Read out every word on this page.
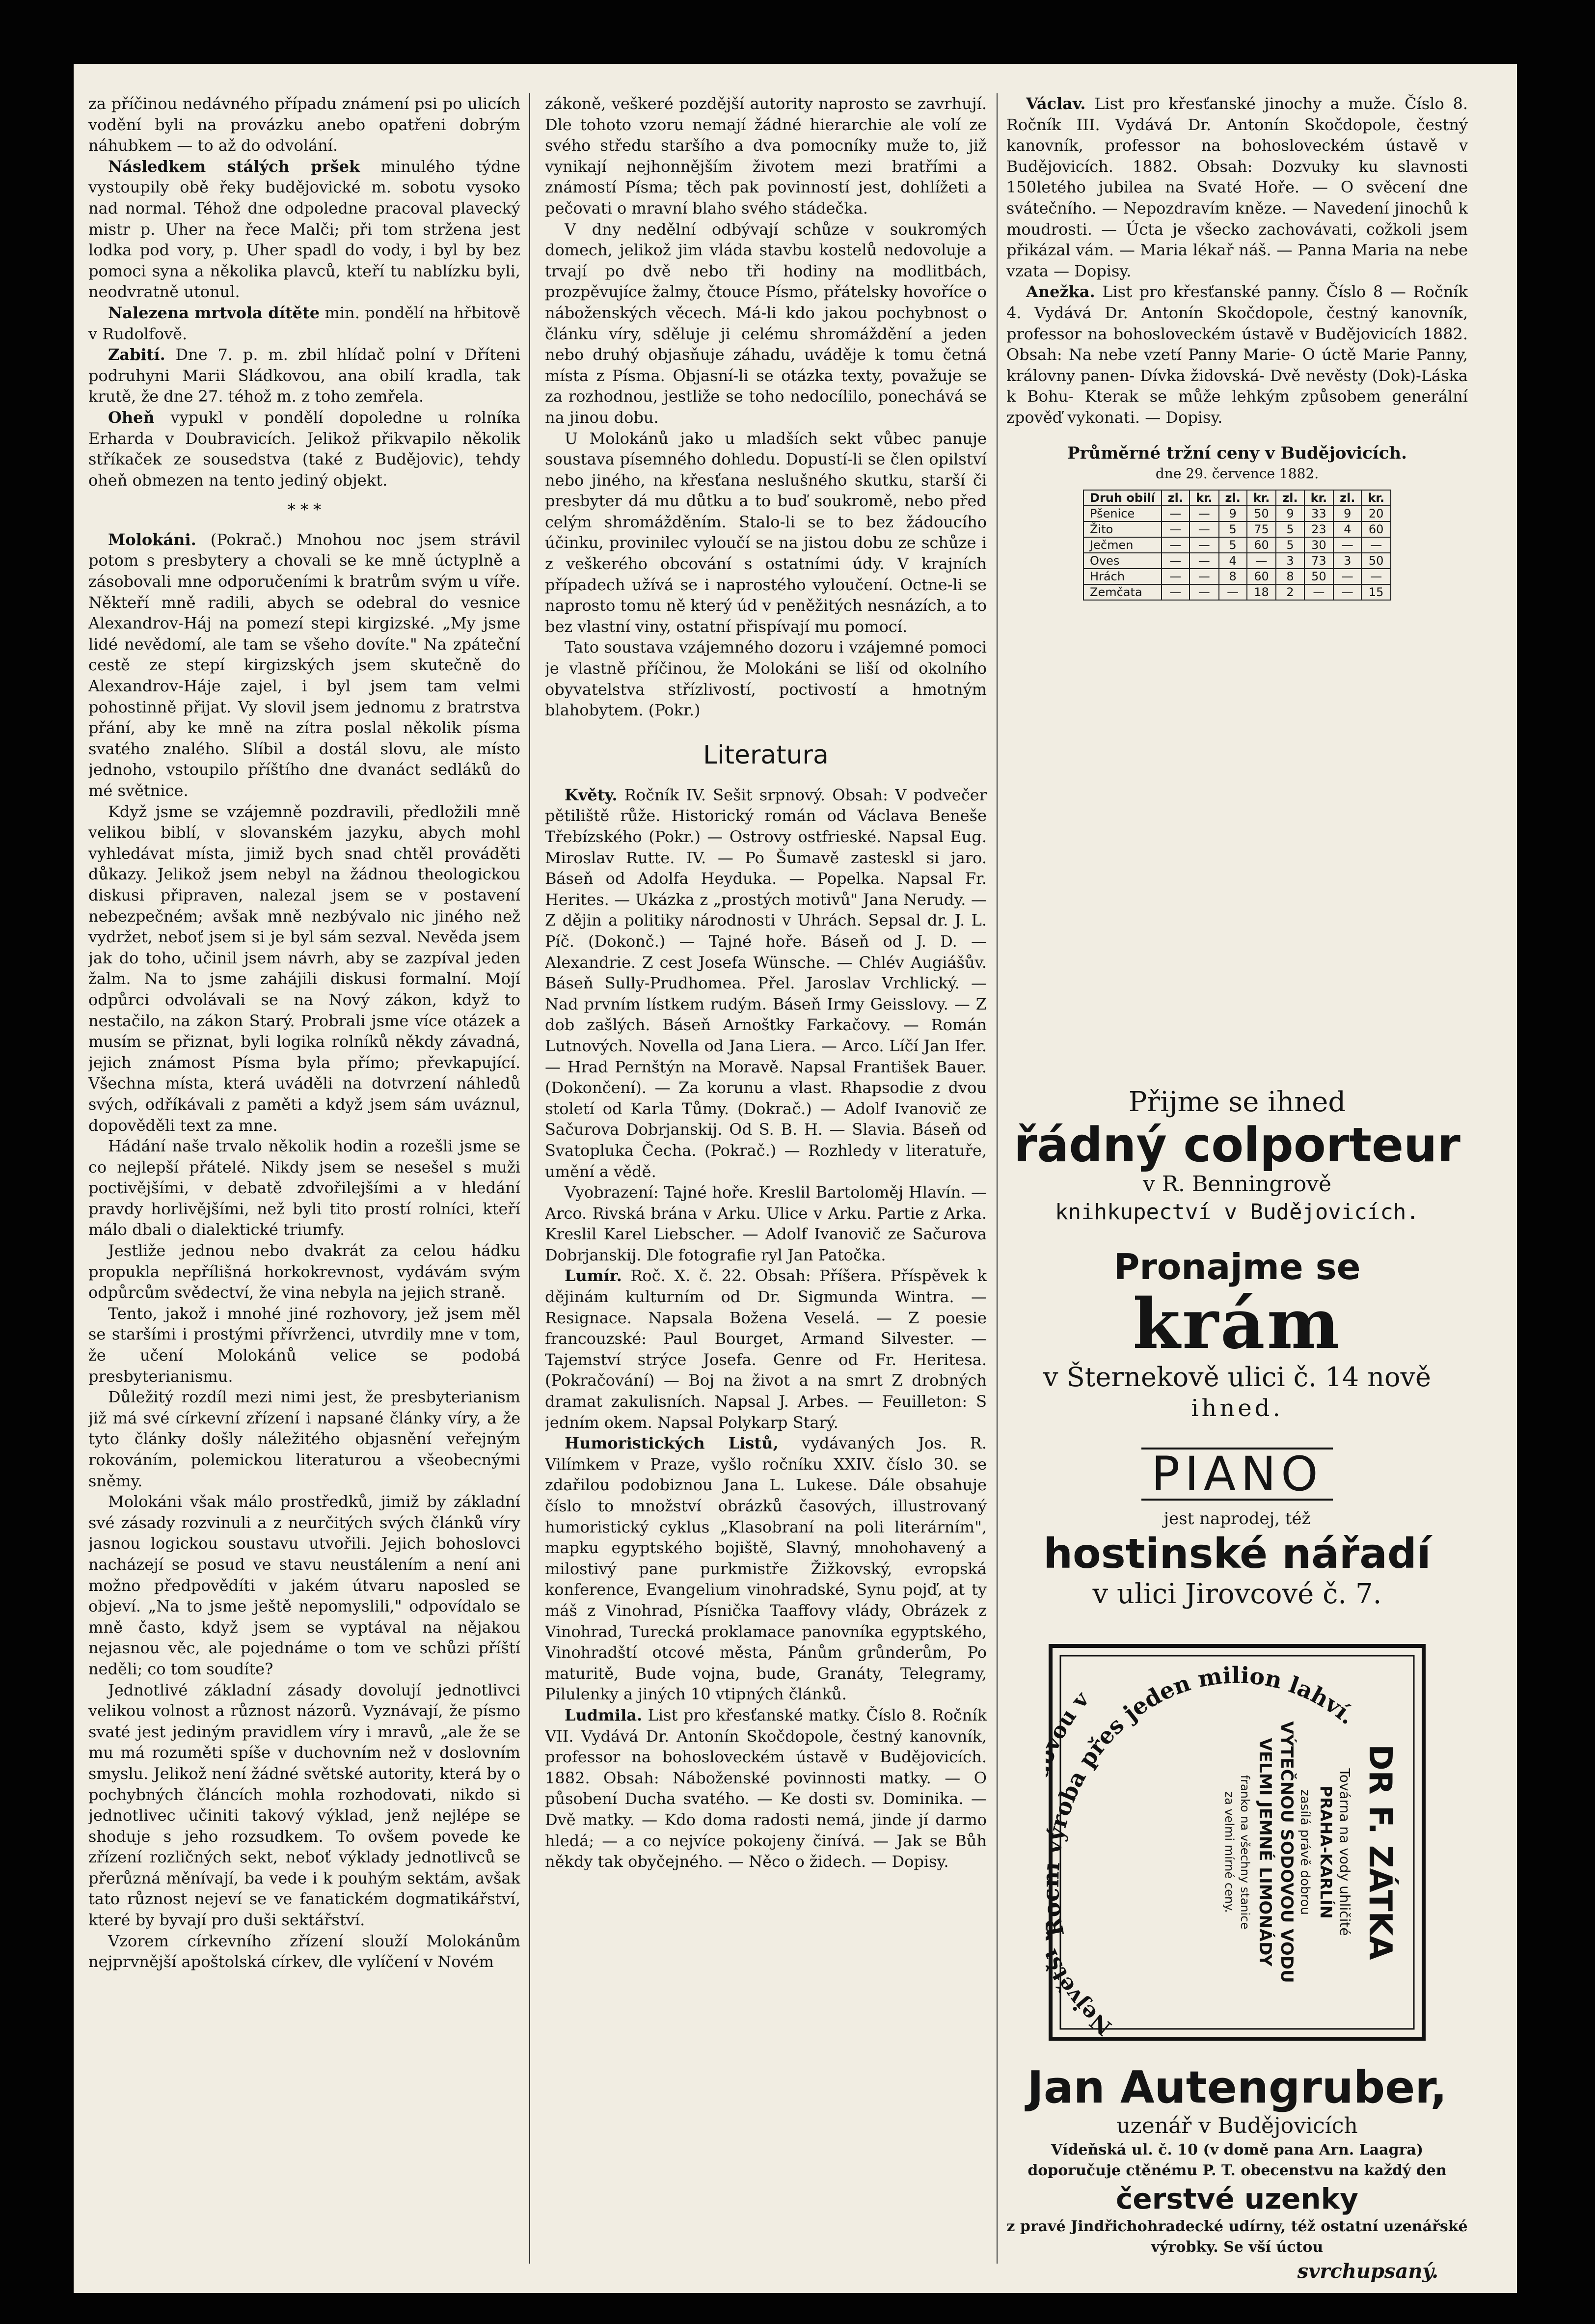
za příčinou nedávného případu známení psi po ulicích vodění byli na provázku anebo opatřeni dobrým náhubkem — to až do odvolání.

Následkem stálých pršek minulého týdne vystoupily obě řeky budějovické m. sobotu vysoko nad normal. Téhož dne odpoledne pracoval plavecký mistr p. Uher na řece Malči; při tom stržena jest lodka pod vory, p. Uher spadl do vody, i byl by bez pomoci syna a několika plavců, kteří tu nablízku byli, neodvratně utonul.

Nalezena mrtvola dítěte min. pondělí na hřbitově v Rudolfově.

Zabití. Dne 7. p. m. zbil hlídač polní v Dříteni podruhyni Marii Sládkovou, ana obilí kradla, tak krutě, že dne 27. téhož m. z toho zemřela.

Oheň vypukl v pondělí dopoledne u rolníka Erharda v Doubravicích. Jelikož přikvapilo několik stříkaček ze sousedstva (také z Budějovic), tehdy oheň obmezen na tento jediný objekt.

* * *

Molokáni. (Pokrač.) Mnohou noc jsem strávil potom s presbytery a chovali se ke mně úctyplně a zásobovali mne odporučeními k bratrům svým u víře. Někteří mně radili, abych se odebral do vesnice Alexandrov-Háj na pomezí stepi kirgizské. „My jsme lidé nevědomí, ale tam se všeho dovíte." Na zpáteční cestě ze stepí kirgizských jsem skutečně do Alexandrov-Háje zajel, i byl jsem tam velmi pohostinně přijat. Vy slovil jsem jednomu z bratrstva přání, aby ke mně na zítra poslal několik písma svatého znalého. Slíbil a dostál slovu, ale místo jednoho, vstoupilo příštího dne dvanáct sedláků do mé světnice.

Když jsme se vzájemně pozdravili, předložili mně velikou biblí, v slovanském jazyku, abych mohl vyhledávat místa, jimiž bych snad chtěl prováděti důkazy. Jelikož jsem nebyl na žádnou theologickou diskusi připraven, nalezal jsem se v postavení nebezpečném; avšak mně nezbývalo nic jiného než vydržet, neboť jsem si je byl sám sezval. Nevěda jsem jak do toho, učinil jsem návrh, aby se zazpíval jeden žalm. Na to jsme zahájili diskusi formalní. Mojí odpůrci odvolávali se na Nový zákon, když to nestačilo, na zákon Starý. Probrali jsme více otázek a musím se přiznat, byli logika rolníků někdy závadná, jejich známost Písma byla přímo; převkapující. Všechna místa, která uváděli na dotvrzení náhledů svých, odříkávali z paměti a když jsem sám uváznul, dopověděli text za mne.

Hádání naše trvalo několik hodin a rozešli jsme se co nejlepší přátelé. Nikdy jsem se nesešel s muži poctivějšími, v debatě zdvořilejšími a v hledání pravdy horlivějšími, než byli tito prostí rolníci, kteří málo dbali o dialektické triumfy.

Jestliže jednou nebo dvakrát za celou hádku propukla nepřílišná horkokrevnost, vydávám svým odpůrcům svědectví, že vina nebyla na jejich straně.

Tento, jakož i mnohé jiné rozhovory, jež jsem měl se staršími i prostými přívrženci, utvrdily mne v tom, že učení Molokánů velice se podobá presbyterianismu.

Důležitý rozdíl mezi nimi jest, že presbyterianism již má své církevní zřízení i napsané články víry, a že tyto články došly náležitého objasnění veřejným rokováním, polemickou literaturou a všeobecnými sněmy.

Molokáni však málo prostředků, jimiž by základní své zásady rozvinuli a z neurčitých svých článků víry jasnou logickou soustavu utvořili. Jejich bohoslovci nacházejí se posud ve stavu neustálením a není ani možno předpovědíti v jakém útvaru naposled se objeví. „Na to jsme ještě nepomyslili," odpovídalo se mně často, když jsem se vyptával na nějakou nejasnou věc, ale pojednáme o tom ve schůzi příští neděli; co tom soudíte?

Jednotlivé základní zásady dovolují jednotlivci velikou volnost a různost názorů. Vyznávají, že písmo svaté jest jediným pravidlem víry i mravů, „ale že se mu má rozuměti spíše v duchovním než v doslovním smyslu. Jelikož není žádné světské autority, která by o pochybných článcích mohla rozhodovati, nikdo si jednotlivec učiniti takový výklad, jenž nejlépe se shoduje s jeho rozsudkem. To ovšem povede ke zřízení rozličných sekt, neboť výklady jednotlivců se přerůzná měnívají, ba vede i k pouhým sektám, avšak tato různost nejeví se ve fanatickém dogmatikářství, které by byvají pro duši sektářství.

Vzorem církevního zřízení slouží Molokánům nejprvnější apoštolská církev, dle vylíčení v Novém

zákoně, veškeré pozdější autority naprosto se zavrhují. Dle tohoto vzoru nemají žádné hierarchie ale volí ze svého středu staršího a dva pomocníky muže to, již vynikají nejhonnějším životem mezi bratřími a známostí Písma; těch pak povinností jest, dohlížeti a pečovati o mravní blaho svého stádečka.

V dny nedělní odbývají schůze v soukromých domech, jelikož jim vláda stavbu kostelů nedovoluje a trvají po dvě nebo tři hodiny na modlitbách, prozpěvujíce žalmy, čtouce Písmo, přátelsky hovoříce o náboženských věcech. Má-li kdo jakou pochybnost o článku víry, sděluje ji celému shromáždění a jeden nebo druhý objasňuje záhadu, uváděje k tomu četná místa z Písma. Objasní-li se otázka texty, považuje se za rozhodnou, jestliže se toho nedocílilo, ponechává se na jinou dobu.

U Molokánů jako u mladších sekt vůbec panuje soustava písemného dohledu. Dopustí-li se člen opilství nebo jiného, na křesťana neslušného skutku, starší či presbyter dá mu důtku a to buď soukromě, nebo před celým shromážděním. Stalo-li se to bez žádoucího účinku, provinilec vyloučí se na jistou dobu ze schůze i z veškerého obcování s ostatními údy. V krajních případech užívá se i naprostého vyloučení. Octne-li se naprosto tomu ně který úd v peněžitých nesnázích, a to bez vlastní viny, ostatní přispívají mu pomocí.

Tato soustava vzájemného dozoru i vzájemné pomoci je vlastně příčinou, že Molokáni se liší od okolního obyvatelstva střízlivostí, poctivostí a hmotným blahobytem. (Pokr.)

Literatura

Květy. Ročník IV. Sešit srpnový. Obsah: V podvečer pětiliště růže. Historický román od Václava Beneše Třebízského (Pokr.) — Ostrovy ostfrieské. Napsal Eug. Miroslav Rutte. IV. — Po Šumavě zasteskl si jaro. Báseň od Adolfa Heyduka. — Popelka. Napsal Fr. Herites. — Ukázka z „prostých motivů" Jana Nerudy. — Z dějin a politiky národnosti v Uhrách. Sepsal dr. J. L. Píč. (Dokonč.) — Tajné hoře. Báseň od J. D. — Alexandrie. Z cest Josefa Wünsche. — Chlév Augiášův. Báseň Sully-Prudhomea. Přel. Jaroslav Vrchlický. — Nad prvním lístkem rudým. Báseň Irmy Geisslovy. — Z dob zašlých. Báseň Arnoštky Farkačovy. — Román Lutnových. Novella od Jana Liera. — Arco. Líčí Jan Ifer. — Hrad Pernštýn na Moravě. Napsal František Bauer. (Dokončení). — Za korunu a vlast. Rhapsodie z dvou století od Karla Tůmy. (Dokrač.) — Adolf Ivanovič ze Sačurova Dobrjanskij. Od S. B. H. — Slavia. Báseň od Svatopluka Čecha. (Pokrač.) — Rozhledy v literatuře, umění a vědě.

Vyobrazení: Tajné hoře. Kreslil Bartoloměj Hlavín. — Arco. Rivská brána v Arku. Ulice v Arku. Partie z Arka. Kreslil Karel Liebscher. — Adolf Ivanovič ze Sačurova Dobrjanskij. Dle fotografie ryl Jan Patočka.

Lumír. Roč. X. č. 22. Obsah: Příšera. Příspěvek k dějinám kulturním od Dr. Sigmunda Wintra. — Resignace. Napsala Božena Veselá. — Z poesie francouzské: Paul Bourget, Armand Silvester. — Tajemství strýce Josefa. Genre od Fr. Heritesa. (Pokračování) — Boj na život a na smrt Z drobných dramat zakulisních. Napsal J. Arbes. — Feuilleton: S jedním okem. Napsal Polykarp Starý.

Humoristických Listů, vydávaných Jos. R. Vilímkem v Praze, vyšlo ročníku XXIV. číslo 30. se zdařilou podobiznou Jana L. Lukese. Dále obsahuje číslo to množství obrázků časových, illustrovaný humoristický cyklus „Klasobraní na poli literárním", mapku egyptského bojiště, Slavný, mnohohavený a milostivý pane purkmistře Žižkovský, evropská konference, Evangelium vinohradské, Synu pojď, at ty máš z Vinohrad, Písnička Taaffovy vlády, Obrázek z Vinohrad, Turecká proklamace panovníka egyptského, Vinohradští otcové města, Pánům grůnderům, Po maturitě, Bude vojna, bude, Granáty, Telegramy, Pilulenky a jiných 10 vtipných článků.

Ludmila. List pro křesťanské matky. Číslo 8. Ročník VII. Vydává Dr. Antonín Skočdopole, čestný kanovník, professor na bohosloveckém ústavě v Budějovicích. 1882. Obsah: Náboženské povinnosti matky. — O působení Ducha svatého. — Ke dosti sv. Dominika. — Dvě matky. — Kdo doma radosti nemá, jinde jí darmo hledá; — a co nejvíce pokojeny činívá. — Jak se Bůh někdy tak obyčejného. — Něco o židech. — Dopisy.

Václav. List pro křesťanské jinochy a muže. Číslo 8. Ročník III. Vydává Dr. Antonín Skočdopole, čestný kanovník, professor na bohosloveckém ústavě v Budějovicích. 1882. Obsah: Dozvuky ku slavnosti 150letého jubilea na Svaté Hoře. — O svěcení dne svátečního. — Nepozdravím kněze. — Navedení jinochů k moudrosti. — Úcta je všecko zachovávati, cožkoli jsem přikázal vám. — Maria lékař náš. — Panna Maria na nebe vzata — Dopisy.

Anežka. List pro křesťanské panny. Číslo 8 — Ročník 4. Vydává Dr. Antonín Skočdopole, čestný kanovník, professor na bohosloveckém ústavě v Budějovicích 1882. Obsah: Na nebe vzetí Panny Marie- O úctě Marie Panny, královny panen- Dívka židovská- Dvě nevěsty (Dok)-Láska k Bohu- Kterak se může lehkým způsobem generální zpověď vykonati. — Dopisy.

Průměrné tržní ceny v Budějovicích.
dne 29. července 1882.
Druh obilí	zl.	kr.	zl.	kr.	zl.	kr.	zl.	kr.
Pšenice	—	—	9	50	9	33	9	20
Žito	—	—	5	75	5	23	4	60
Ječmen	—	—	5	60	5	30	—	—
Oves	—	—	4	—	3	73	3	50
Hrách	—	—	8	60	8	50	—	—
Zemčata	—	—	—	18	2	—	—	15
Přijme se ihned
řádný colporteur
v R. Benningrově
knihkupectví v Budějovicích.
Pronajme se
krám
v Šternekově ulici č. 14 nově
ihned.
PIANO
jest naprodej, též
hostinské nářadí
v ulici Jirovcové č. 7.
roba přes jeden milion lahví.
Největ ou v
DR F. ZÁTKA
Továrna na vody uhličité
PRAHA-KARLÍN
zasílá právě dobrou
VÝTEČNOU SODOVOU VODU
VELMI JEMNÉ LIMONÁDY
franko na všechny stanice
za velmi mírné ceny.
Jan Autengruber,
uzenář v Budějovicích
Vídeňská ul. č. 10 (v domě pana Arn. Laagra)
doporučuje ctěnému P. T. obecenstvu na každý den
čerstvé uzenky
z pravé Jindřichohradecké udírny, též ostatní uzenářské výrobky. Se vší úctou
svrchupsaný.
